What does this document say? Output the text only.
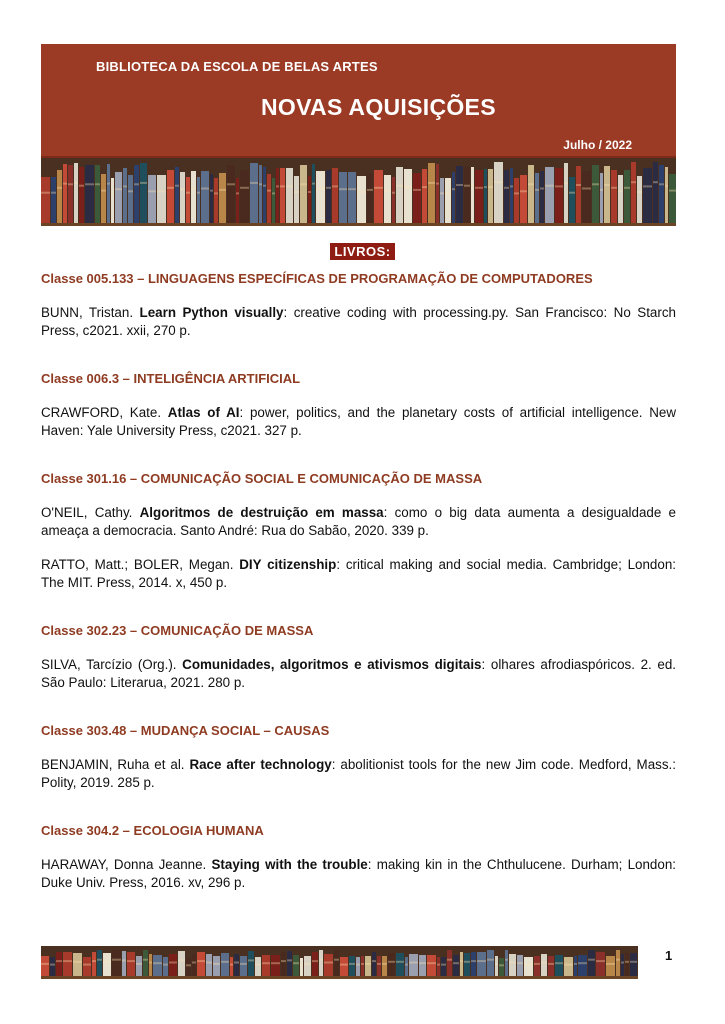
BIBLIOTECA DA ESCOLA DE BELAS ARTES
NOVAS AQUISIÇÕES
Julho / 2022
LIVROS:

Classe 005.133 – LINGUAGENS ESPECÍFICAS DE PROGRAMAÇÃO DE COMPUTADORES

BUNN, Tristan. Learn Python visually: creative coding with processing.py. San Francisco: No Starch Press, c2021. xxii, 270 p.

Classe 006.3 – INTELIGÊNCIA ARTIFICIAL

CRAWFORD, Kate. Atlas of AI: power, politics, and the planetary costs of artificial intelligence. New Haven: Yale University Press, c2021. 327 p.

Classe 301.16 – COMUNICAÇÃO SOCIAL E COMUNICAÇÃO DE MASSA

O'NEIL, Cathy. Algoritmos de destruição em massa: como o big data aumenta a desigualdade e ameaça a democracia. Santo André: Rua do Sabão, 2020. 339 p.

RATTO, Matt.; BOLER, Megan. DIY citizenship: critical making and social media. Cambridge; London: The MIT. Press, 2014. x, 450 p.

Classe 302.23 – COMUNICAÇÃO DE MASSA

SILVA, Tarcízio (Org.). Comunidades, algoritmos e ativismos digitais: olhares afrodiaspóricos. 2. ed. São Paulo: Literarua, 2021. 280 p.

Classe 303.48 – MUDANÇA SOCIAL – CAUSAS

BENJAMIN, Ruha et al. Race after technology: abolitionist tools for the new Jim code. Medford, Mass.: Polity, 2019. 285 p.

Classe 304.2 – ECOLOGIA HUMANA

HARAWAY, Donna Jeanne. Staying with the trouble: making kin in the Chthulucene. Durham; London: Duke Univ. Press, 2016. xv, 296 p.

1
